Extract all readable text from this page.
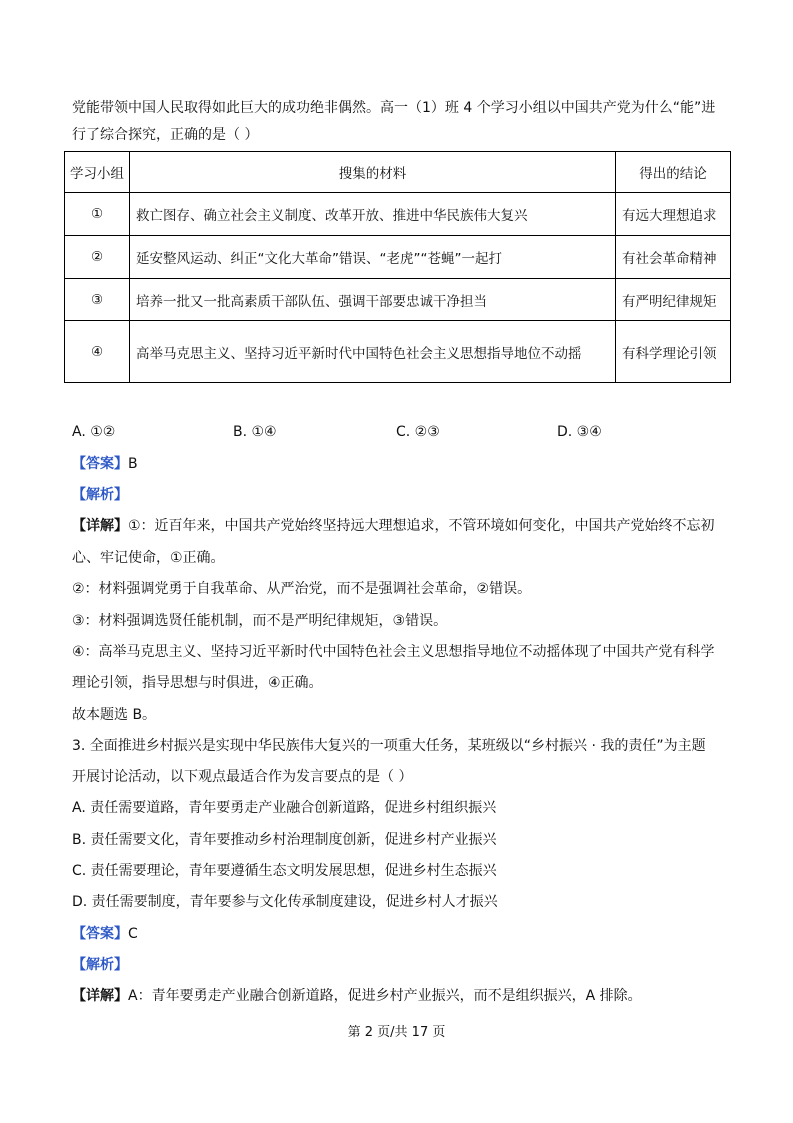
党能带领中国人民取得如此巨大的成功绝非偶然。高一（1）班 4 个学习小组以中国共产党为什么“能”进
行了综合探究，正确的是（ ）
学习小组	搜集的材料	得出的结论
①	救亡图存、确立社会主义制度、改革开放、推进中华民族伟大复兴	有远大理想追求
②	延安整风运动、纠正“文化大革命”错误、“老虎”“苍蝇”一起打	有社会革命精神
③	培养一批又一批高素质干部队伍、强调干部要忠诚干净担当	有严明纪律规矩
④	高举马克思主义、坚持习近平新时代中国特色社会主义思想指导地位不动摇	有科学理论引领
A. ①②	B. ①④	C. ②③	D. ③④
【答案】B
【解析】
【详解】①：近百年来，中国共产党始终坚持远大理想追求，不管环境如何变化，中国共产党始终不忘初
心、牢记使命，①正确。
②：材料强调党勇于自我革命、从严治党，而不是强调社会革命，②错误。
③：材料强调选贤任能机制，而不是严明纪律规矩，③错误。
④：高举马克思主义、坚持习近平新时代中国特色社会主义思想指导地位不动摇体现了中国共产党有科学
理论引领，指导思想与时俱进，④正确。
故本题选 B。
3. 全面推进乡村振兴是实现中华民族伟大复兴的一项重大任务，某班级以“乡村振兴 · 我的责任”为主题
开展讨论活动，以下观点最适合作为发言要点的是（ ）
A. 责任需要道路，青年要勇走产业融合创新道路，促进乡村组织振兴
B. 责任需要文化，青年要推动乡村治理制度创新，促进乡村产业振兴
C. 责任需要理论，青年要遵循生态文明发展思想，促进乡村生态振兴
D. 责任需要制度，青年要参与文化传承制度建设，促进乡村人才振兴
【答案】C
【解析】
【详解】A：青年要勇走产业融合创新道路，促进乡村产业振兴，而不是组织振兴，A 排除。
第 2 页/共 17 页
